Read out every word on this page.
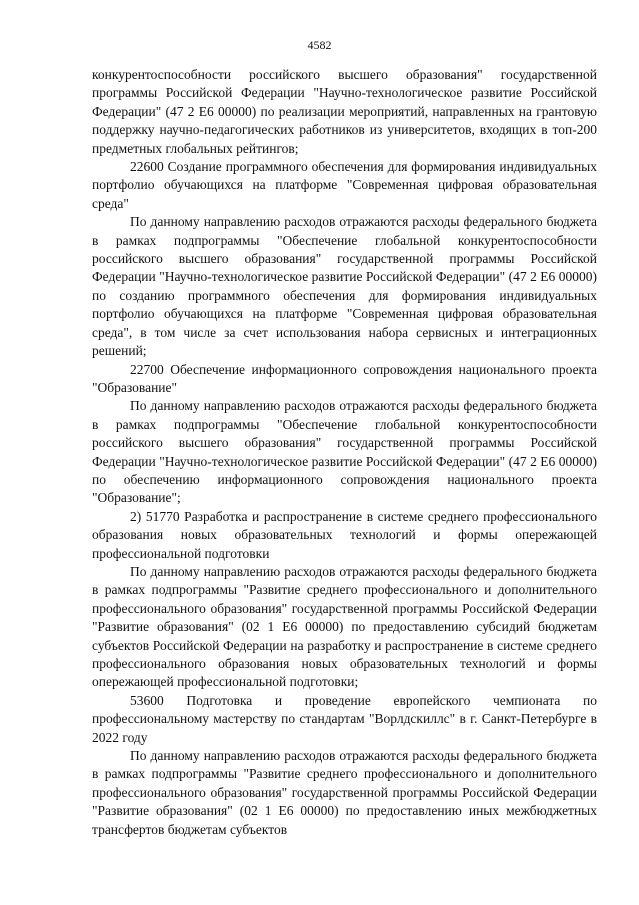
4582

конкурентоспособности российского высшего образования" государственной программы Российской Федерации "Научно-технологическое развитие Российской Федерации" (47 2 Е6 00000) по реализации мероприятий, направленных на грантовую поддержку научно-педагогических работников из университетов, входящих в топ-200 предметных глобальных рейтингов;

22600 Создание программного обеспечения для формирования индивидуальных портфолио обучающихся на платформе "Современная цифровая образовательная среда"

По данному направлению расходов отражаются расходы федерального бюджета в рамках подпрограммы "Обеспечение глобальной конкурентоспособности российского высшего образования" государственной программы Российской Федерации "Научно-технологическое развитие Российской Федерации" (47 2 Е6 00000) по созданию программного обеспечения для формирования индивидуальных портфолио обучающихся на платформе "Современная цифровая образовательная среда", в том числе за счет использования набора сервисных и интеграционных решений;

22700 Обеспечение информационного сопровождения национального проекта "Образование"

По данному направлению расходов отражаются расходы федерального бюджета в рамках подпрограммы "Обеспечение глобальной конкурентоспособности российского высшего образования" государственной программы Российской Федерации "Научно-технологическое развитие Российской Федерации" (47 2 Е6 00000) по обеспечению информационного сопровождения национального проекта "Образование";

2) 51770 Разработка и распространение в системе среднего профессионального образования новых образовательных технологий и формы опережающей профессиональной подготовки

По данному направлению расходов отражаются расходы федерального бюджета в рамках подпрограммы "Развитие среднего профессионального и дополнительного профессионального образования" государственной программы Российской Федерации "Развитие образования" (02 1 Е6 00000) по предоставлению субсидий бюджетам субъектов Российской Федерации на разработку и распространение в системе среднего профессионального образования новых образовательных технологий и формы опережающей профессиональной подготовки;

53600 Подготовка и проведение европейского чемпионата по профессиональному мастерству по стандартам "Ворлдскиллс" в г. Санкт-Петербурге в 2022 году

По данному направлению расходов отражаются расходы федерального бюджета в рамках подпрограммы "Развитие среднего профессионального и дополнительного профессионального образования" государственной программы Российской Федерации "Развитие образования" (02 1 Е6 00000) по предоставлению иных межбюджетных трансфертов бюджетам субъектов
